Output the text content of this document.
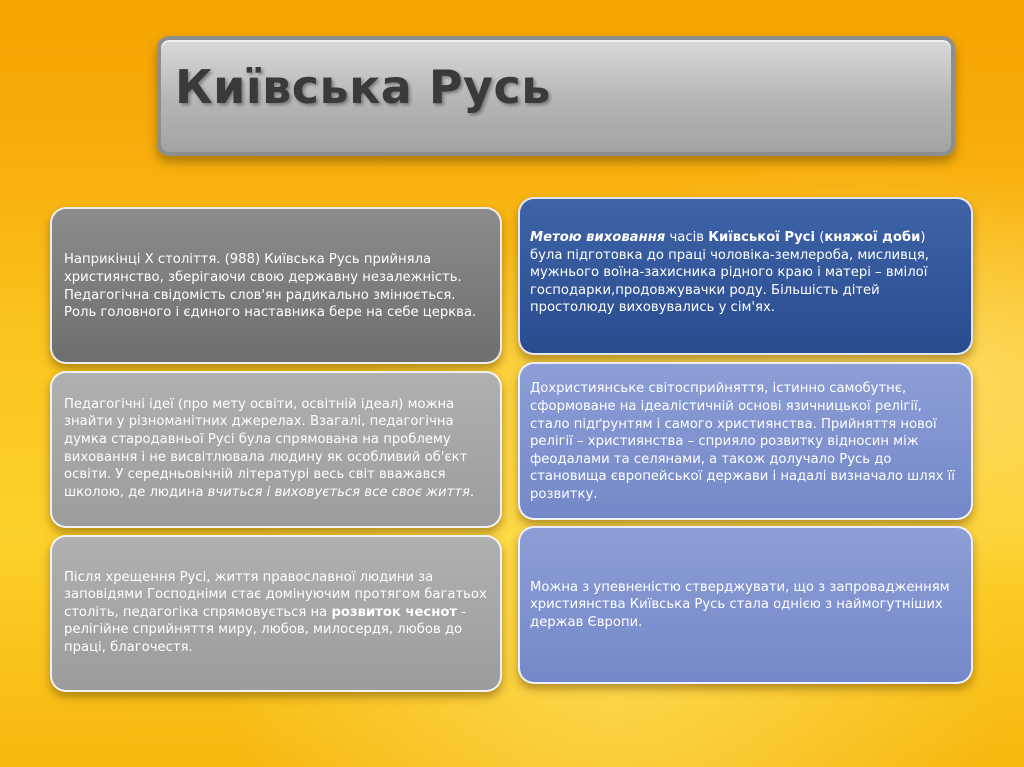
Київська Русь

Наприкінці X століття. (988) Київська Русь прийняла християнство, зберігаючи свою державну незалежність. Педагогічна свідомість слов'ян радикально змінюється. Роль головного і єдиного наставника бере на себе церква.

Педагогічні ідеї (про мету освіти, освітній ідеал) можна знайти у різноманітних джерелах. Взагалі, педагогічна думка стародавньої Русі була спрямована на проблему виховання і не висвітлювала людину як особливий об'єкт освіти. У середньовічній літературі весь світ вважався школою, де людина вчиться і виховується все своє життя.

Після хрещення Русі, життя православної людини за заповідями Господніми стає домінуючим протягом багатьох століть, педагогіка спрямовується на розвиток чеснот - релігійне сприйняття миру, любов, милосердя, любов до праці, благочестя.

Метою виховання часів Київської Русі (княжої доби) була підготовка до праці чоловіка-землероба, мисливця, мужнього воїна-захисника рідного краю і матері – вмілої господарки,продовжувачки роду. Більшість дітей простолюду виховувались у сім'ях.

Дохристиянське світосприйняття, істинно самобутнє, сформоване на ідеалістичній основі язичницької релігії, стало підґрунтям і самого християнства. Прийняття нової релігії – християнства – сприяло розвитку відносин між феодалами та селянами, а також долучало Русь до становища європейської держави і надалі визначало шлях її розвитку.

Можна з упевненістю стверджувати, що з запровадженням християнства Київська Русь стала однією з наймогутніших держав Європи.
